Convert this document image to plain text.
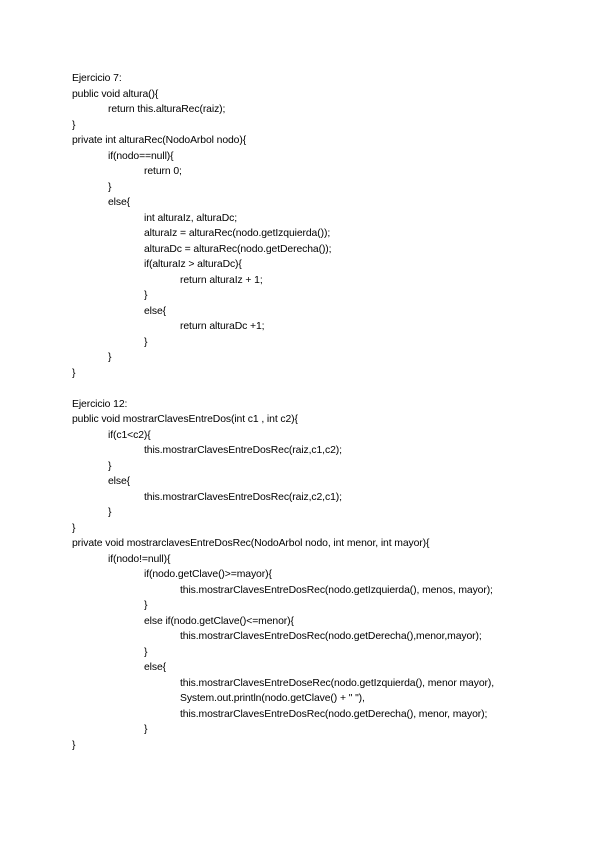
Ejercicio 7:
public void altura(){
return this.alturaRec(raiz);
}
private int alturaRec(NodoArbol nodo){
if(nodo==null){
return 0;
}
else{
int alturaIz, alturaDc;
alturaIz = alturaRec(nodo.getIzquierda());
alturaDc = alturaRec(nodo.getDerecha());
if(alturaIz > alturaDc){
return alturaIz + 1;
}
else{
return alturaDc +1;
}
}
}
Ejercicio 12:
public void mostrarClavesEntreDos(int c1 , int c2){
if(c1<c2){
this.mostrarClavesEntreDosRec(raiz,c1,c2);
}
else{
this.mostrarClavesEntreDosRec(raiz,c2,c1);
}
}
private void mostrarclavesEntreDosRec(NodoArbol nodo, int menor, int mayor){
if(nodo!=null){
if(nodo.getClave()>=mayor){
this.mostrarClavesEntreDosRec(nodo.getIzquierda(), menos, mayor);
}
else if(nodo.getClave()<=menor){
this.mostrarClavesEntreDosRec(nodo.getDerecha(),menor,mayor);
}
else{
this.mostrarClavesEntreDoseRec(nodo.getIzquierda(), menor mayor),
System.out.println(nodo.getClave() + " "),
this.mostrarClavesEntreDosRec(nodo.getDerecha(), menor, mayor);
}
}
